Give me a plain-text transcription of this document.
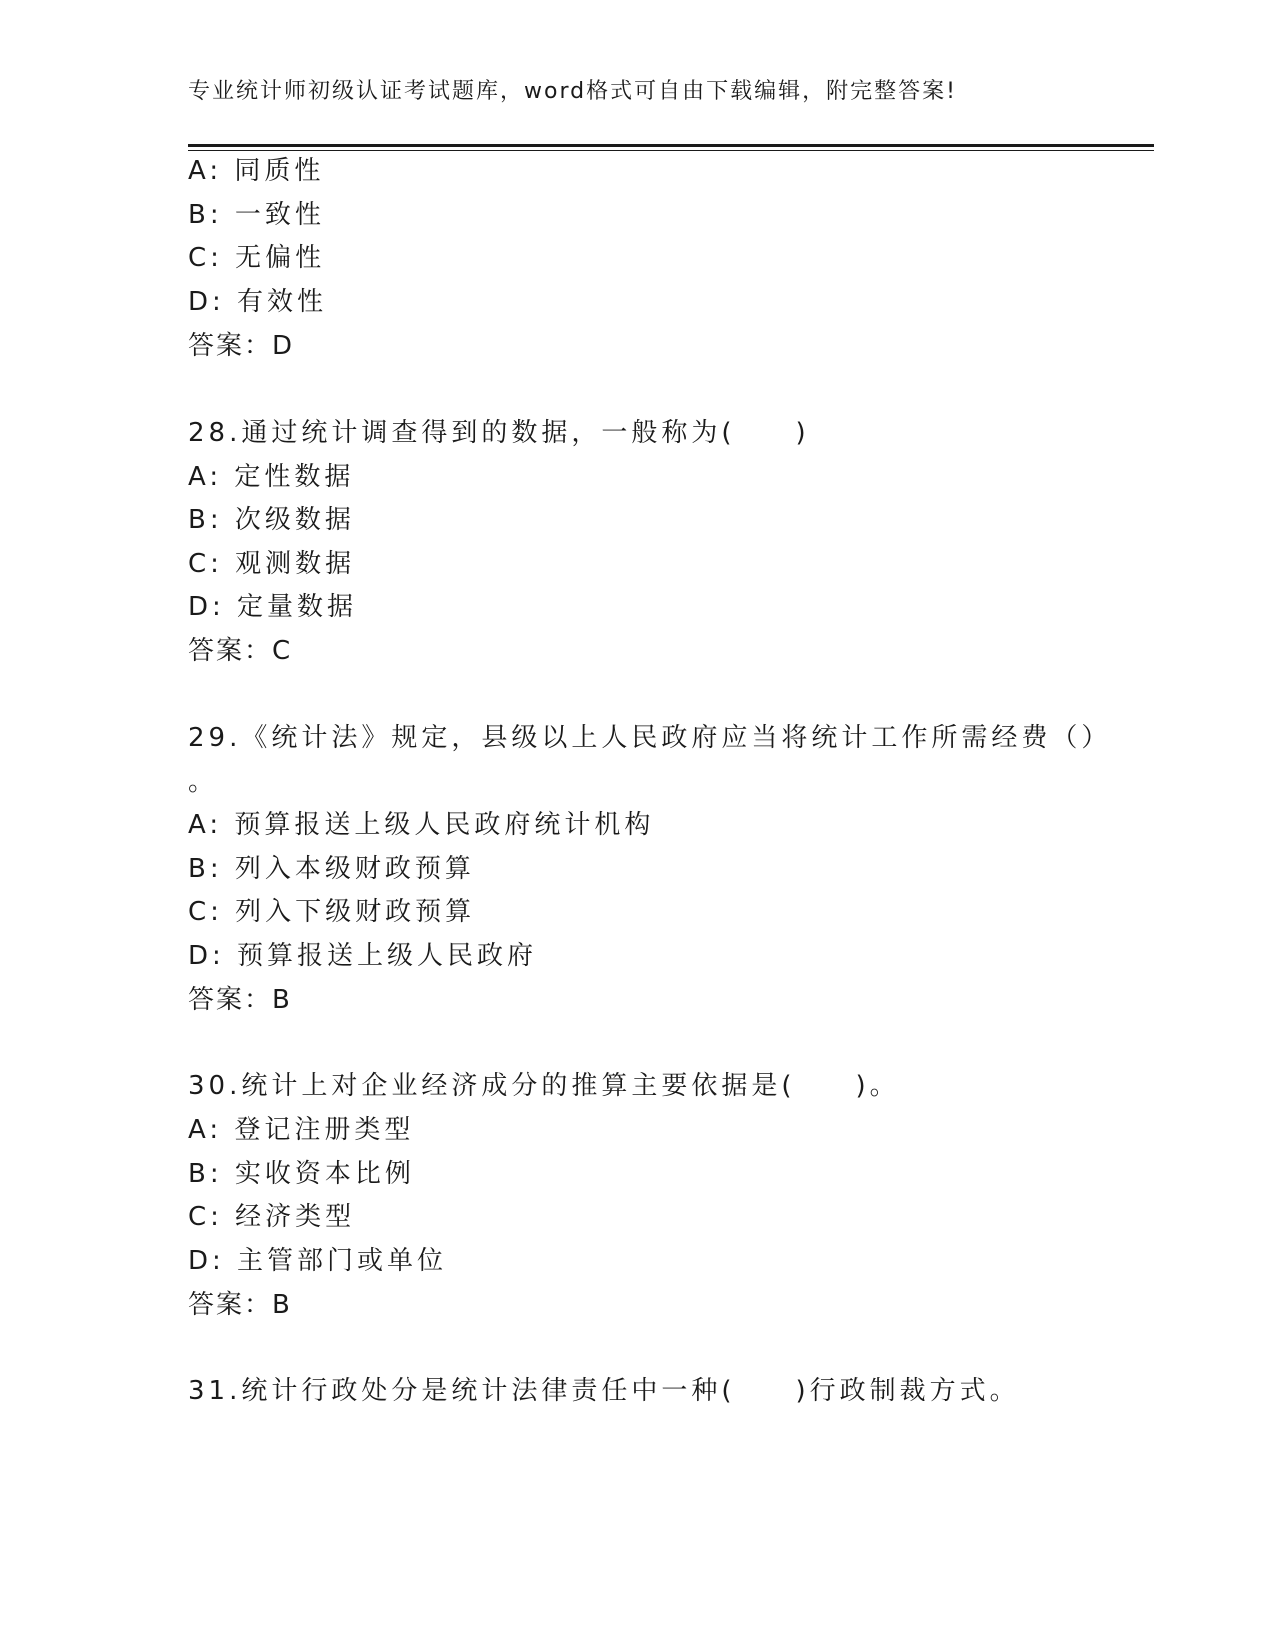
专业统计师初级认证考试题库，word格式可自由下载编辑，附完整答案!
A: 同质性
B: 一致性
C: 无偏性
D: 有效性
答案：D
28.通过统计调查得到的数据，一般称为(　　)
A: 定性数据
B: 次级数据
C: 观测数据
D: 定量数据
答案：C
29.《统计法》规定，县级以上人民政府应当将统计工作所需经费（）
。
A: 预算报送上级人民政府统计机构
B: 列入本级财政预算
C: 列入下级财政预算
D: 预算报送上级人民政府
答案：B
30.统计上对企业经济成分的推算主要依据是(　　)。
A: 登记注册类型
B: 实收资本比例
C: 经济类型
D: 主管部门或单位
答案：B
31.统计行政处分是统计法律责任中一种(　　)行政制裁方式。
